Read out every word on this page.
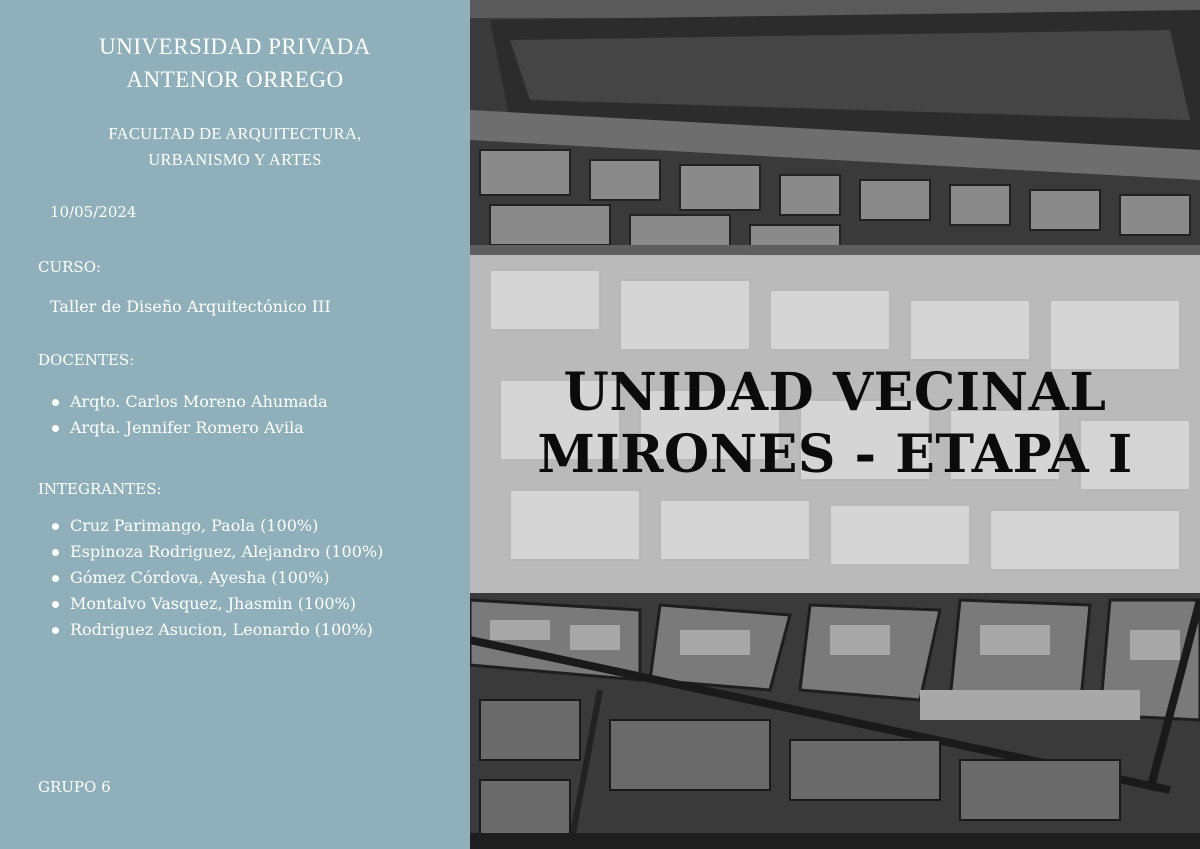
UNIVERSIDAD PRIVADA
ANTENOR ORREGO
FACULTAD DE ARQUITECTURA,
URBANISMO Y ARTES
10/05/2024
CURSO:
Taller de Diseño Arquitectónico III
DOCENTES:
Arqto. Carlos Moreno Ahumada
Arqta. Jennifer Romero Avila
INTEGRANTES:
Cruz Parimango, Paola (100%)
Espinoza Rodriguez, Alejandro (100%)
Gómez Córdova, Ayesha (100%)
Montalvo Vasquez, Jhasmin (100%)
Rodriguez Asucion, Leonardo (100%)
GRUPO 6
UNIDAD VECINAL
MIRONES - ETAPA I
